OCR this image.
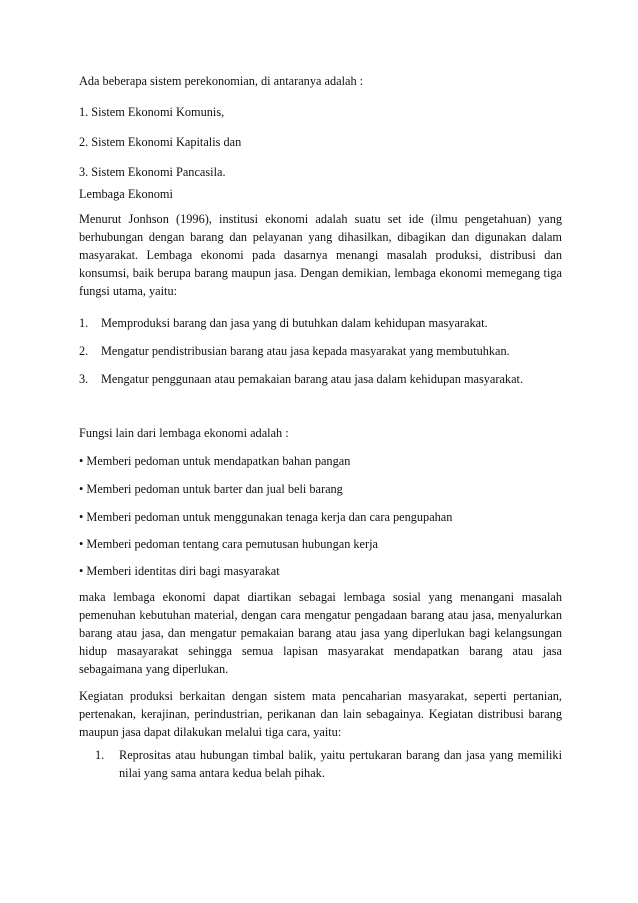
Ada beberapa sistem perekonomian, di antaranya adalah :

1. Sistem Ekonomi Komunis,

2. Sistem Ekonomi Kapitalis dan

3. Sistem Ekonomi Pancasila.

Lembaga Ekonomi

Menurut Jonhson (1996), institusi ekonomi adalah suatu set ide (ilmu pengetahuan) yang berhubungan dengan barang dan pelayanan yang dihasilkan, dibagikan dan digunakan dalam masyarakat. Lembaga ekonomi pada dasarnya menangi masalah produksi, distribusi dan konsumsi, baik berupa barang maupun jasa. Dengan demikian, lembaga ekonomi memegang tiga fungsi utama, yaitu:

1. Memproduksi barang dan jasa yang di butuhkan dalam kehidupan masyarakat.
2. Mengatur pendistribusian barang atau jasa kepada masyarakat yang membutuhkan.
3. Mengatur penggunaan atau pemakaian barang atau jasa dalam kehidupan masyarakat.

Fungsi lain dari lembaga ekonomi adalah :

• Memberi pedoman untuk mendapatkan bahan pangan

• Memberi pedoman untuk barter dan jual beli barang

• Memberi pedoman untuk menggunakan tenaga kerja dan cara pengupahan

• Memberi pedoman tentang cara pemutusan hubungan kerja

• Memberi identitas diri bagi masyarakat

maka lembaga ekonomi dapat diartikan sebagai lembaga sosial yang menangani masalah pemenuhan kebutuhan material, dengan cara mengatur pengadaan barang atau jasa, menyalurkan barang atau jasa, dan mengatur pemakaian barang atau jasa yang diperlukan bagi kelangsungan hidup masayarakat sehingga semua lapisan masyarakat mendapatkan barang atau jasa sebagaimana yang diperlukan.

Kegiatan produksi berkaitan dengan sistem mata pencaharian masyarakat, seperti pertanian, pertenakan, kerajinan, perindustrian, perikanan dan lain sebagainya. Kegiatan distribusi barang maupun jasa dapat dilakukan melalui tiga cara, yaitu:

1. Reprositas atau hubungan timbal balik, yaitu pertukaran barang dan jasa yang memiliki nilai yang sama antara kedua belah pihak.
